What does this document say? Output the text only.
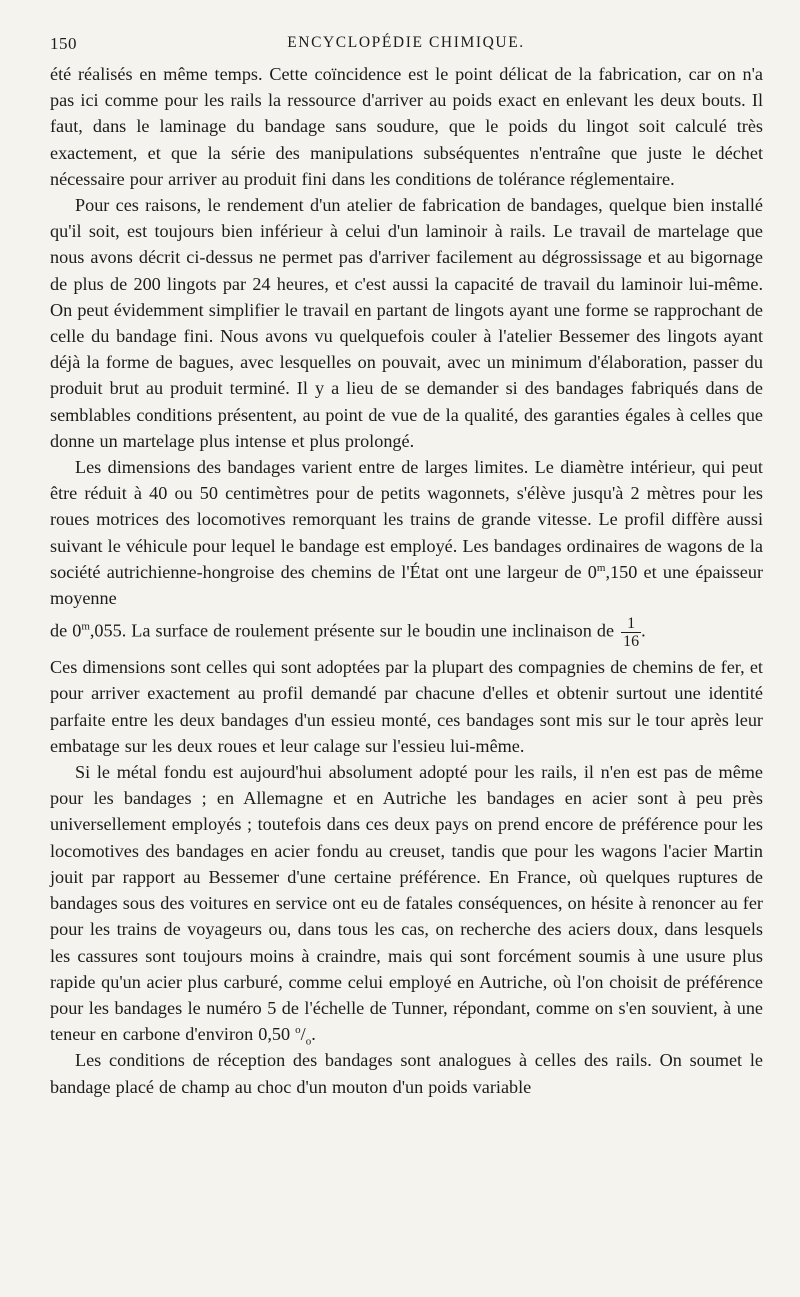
150	ENCYCLOPÉDIE CHIMIQUE.

été réalisés en même temps. Cette coïncidence est le point délicat de la fabrication, car on n'a pas ici comme pour les rails la ressource d'arriver au poids exact en enlevant les deux bouts. Il faut, dans le laminage du bandage sans soudure, que le poids du lingot soit calculé très exactement, et que la série des manipulations subséquentes n'entraîne que juste le déchet nécessaire pour arriver au produit fini dans les conditions de tolérance réglementaire.

Pour ces raisons, le rendement d'un atelier de fabrication de bandages, quelque bien installé qu'il soit, est toujours bien inférieur à celui d'un laminoir à rails. Le travail de martelage que nous avons décrit ci-dessus ne permet pas d'arriver facilement au dégrossissage et au bigornage de plus de 200 lingots par 24 heures, et c'est aussi la capacité de travail du laminoir lui-même. On peut évidemment simplifier le travail en partant de lingots ayant une forme se rapprochant de celle du bandage fini. Nous avons vu quelquefois couler à l'atelier Bessemer des lingots ayant déjà la forme de bagues, avec lesquelles on pouvait, avec un minimum d'élaboration, passer du produit brut au produit terminé. Il y a lieu de se demander si des bandages fabriqués dans de semblables conditions présentent, au point de vue de la qualité, des garanties égales à celles que donne un martelage plus intense et plus prolongé.

Les dimensions des bandages varient entre de larges limites. Le diamètre intérieur, qui peut être réduit à 40 ou 50 centimètres pour de petits wagonnets, s'élève jusqu'à 2 mètres pour les roues motrices des locomotives remorquant les trains de grande vitesse. Le profil diffère aussi suivant le véhicule pour lequel le bandage est employé. Les bandages ordinaires de wagons de la société autrichienne-hongroise des chemins de l'État ont une largeur de 0$^m$,150 et une épaisseur moyenne

de 0$^m$,055. La surface de roulement présente sur le boudin une inclinaison de $\frac{1}{16}$ .

Ces dimensions sont celles qui sont adoptées par la plupart des compagnies de chemins de fer, et pour arriver exactement au profil demandé par chacune d'elles et obtenir surtout une identité parfaite entre les deux bandages d'un essieu monté, ces bandages sont mis sur le tour après leur embatage sur les deux roues et leur calage sur l'essieu lui-même.

Si le métal fondu est aujourd'hui absolument adopté pour les rails, il n'en est pas de même pour les bandages ; en Allemagne et en Autriche les bandages en acier sont à peu près universellement employés ; toutefois dans ces deux pays on prend encore de préférence pour les locomotives des bandages en acier fondu au creuset, tandis que pour les wagons l'acier Martin jouit par rapport au Bessemer d'une certaine préférence. En France, où quelques ruptures de bandages sous des voitures en service ont eu de fatales conséquences, on hésite à renoncer au fer pour les trains de voyageurs ou, dans tous les cas, on recherche des aciers doux, dans lesquels les cassures sont toujours moins à craindre, mais qui sont forcément soumis à une usure plus rapide qu'un acier plus carburé, comme celui employé en Autriche, où l'on choisit de préférence pour les bandages le numéro 5 de l'échelle de Tunner, répondant, comme on s'en souvient, à une teneur en carbone d'environ 0,50 $^o/_o$.

Les conditions de réception des bandages sont analogues à celles des rails. On soumet le bandage placé de champ au choc d'un mouton d'un poids variable
